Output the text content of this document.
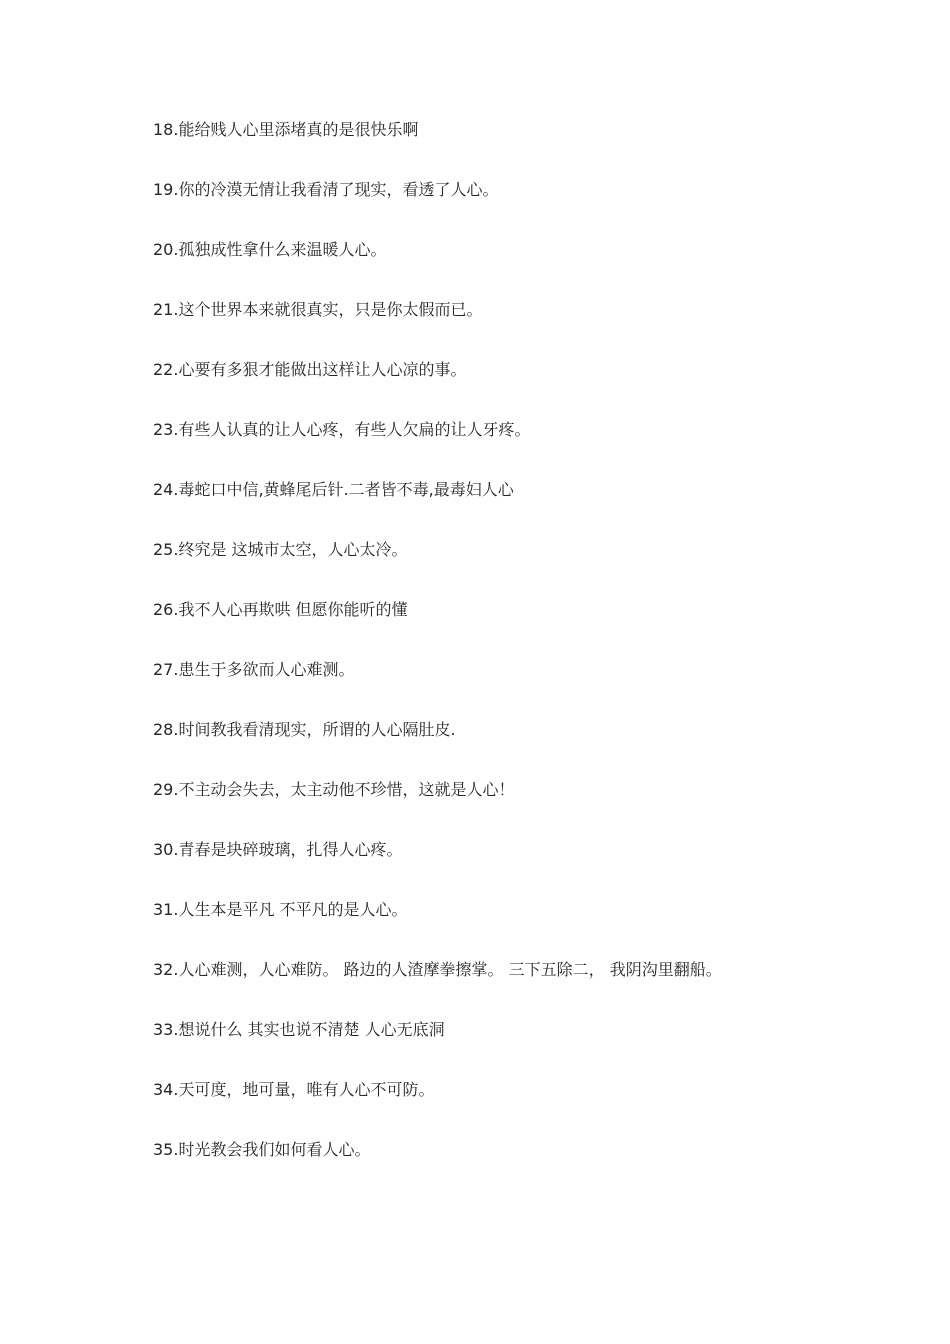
18.能给贱人心里添堵真的是很快乐啊
19.你的冷漠无情让我看清了现实，看透了人心。
20.孤独成性拿什么来温暖人心。
21.这个世界本来就很真实，只是你太假而已。
22.心要有多狠才能做出这样让人心凉的事。
23.有些人认真的让人心疼，有些人欠扁的让人牙疼。
24.毒蛇口中信,黄蜂尾后针.二者皆不毒,最毒妇人心
25.终究是 这城市太空，人心太冷。
26.我不人心再欺哄 但愿你能听的懂
27.患生于多欲而人心难测。
28.时间教我看清现实，所谓的人心隔肚皮.
29.不主动会失去，太主动他不珍惜，这就是人心！
30.青春是块碎玻璃，扎得人心疼。
31.人生本是平凡 不平凡的是人心。
32.人心难测，人心难防。 路边的人渣摩拳擦掌。 三下五除二， 我阴沟里翻船。
33.想说什么 其实也说不清楚 人心无底洞
34.天可度，地可量，唯有人心不可防。
35.时光教会我们如何看人心。
